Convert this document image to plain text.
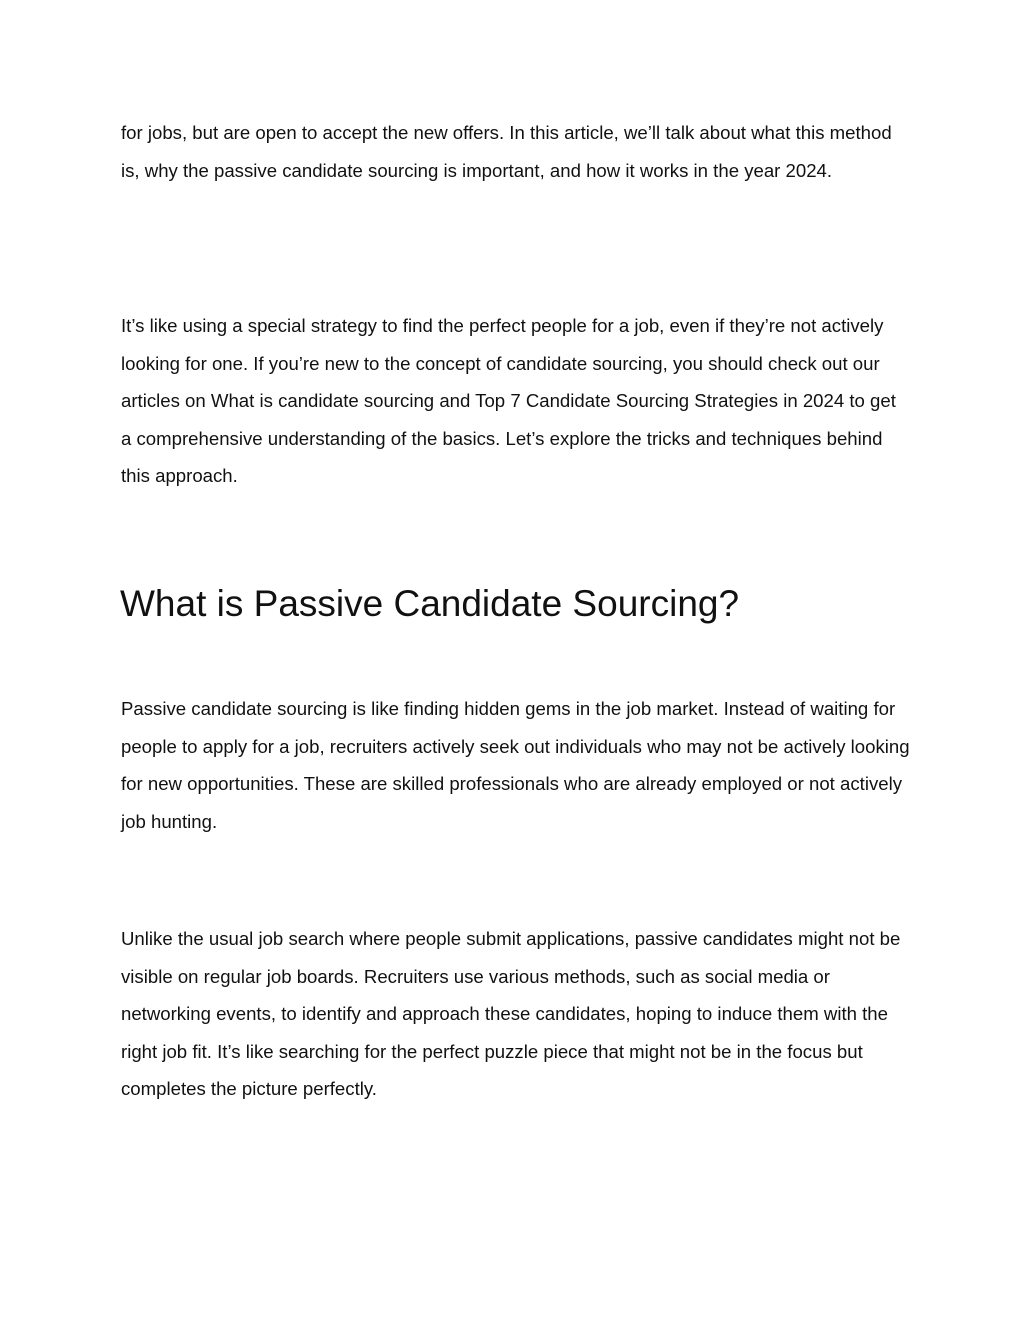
for jobs, but are open to accept the new offers. In this article, we’ll talk about what this method is, why the passive candidate sourcing is important, and how it works in the year 2024.

It’s like using a special strategy to find the perfect people for a job, even if they’re not actively looking for one. If you’re new to the concept of candidate sourcing, you should check out our articles on What is candidate sourcing and Top 7 Candidate Sourcing Strategies in 2024 to get a comprehensive understanding of the basics. Let’s explore the tricks and techniques behind this approach.

What is Passive Candidate Sourcing?

Passive candidate sourcing is like finding hidden gems in the job market. Instead of waiting for people to apply for a job, recruiters actively seek out individuals who may not be actively looking for new opportunities. These are skilled professionals who are already employed or not actively job hunting.

Unlike the usual job search where people submit applications, passive candidates might not be visible on regular job boards. Recruiters use various methods, such as social media or networking events, to identify and approach these candidates, hoping to induce them with the right job fit. It’s like searching for the perfect puzzle piece that might not be in the focus but completes the picture perfectly.
